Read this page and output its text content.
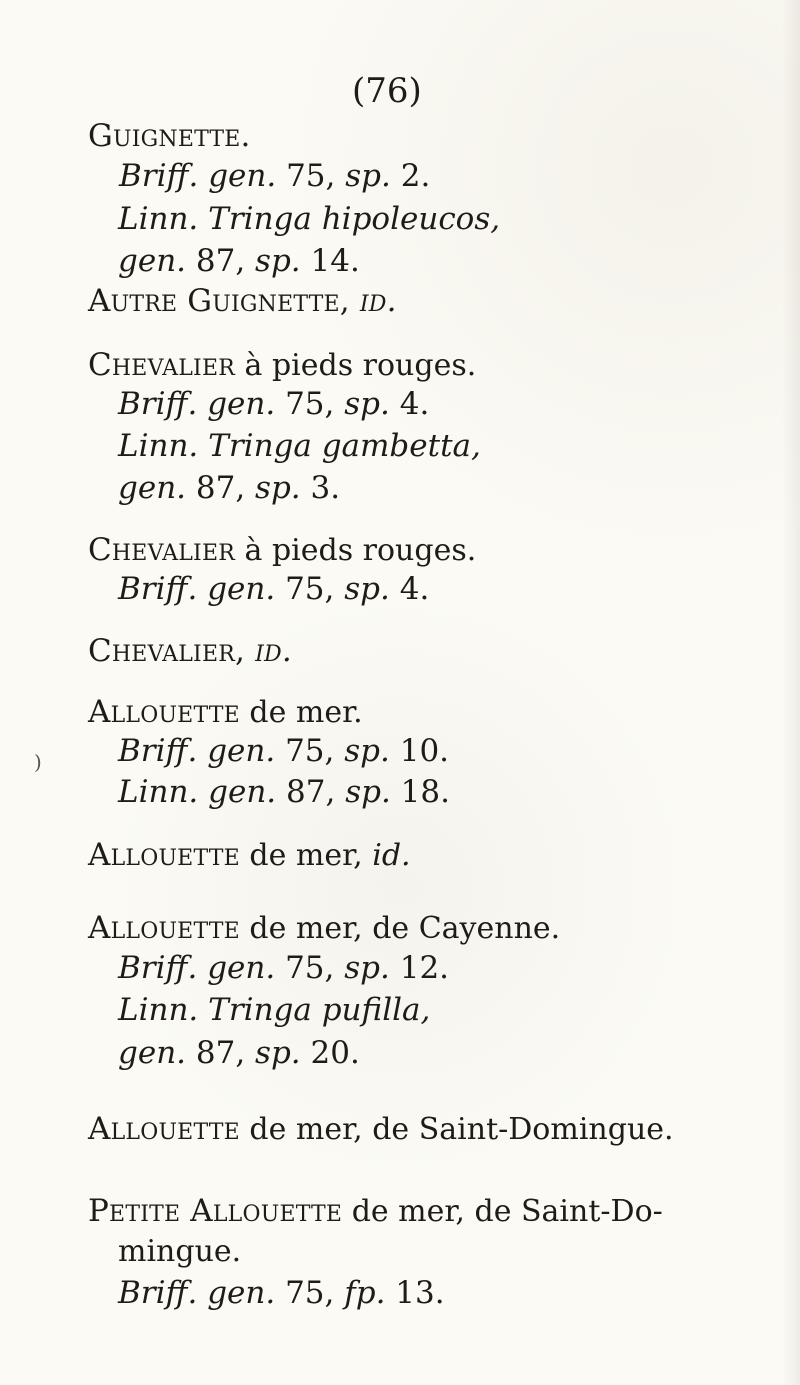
(76)
)
Guignette.
Briff. gen. 75, sp. 2.
Linn. Tringa hipoleucos,
gen. 87, sp. 14.
Autre Guignette, id.
Chevalier à pieds rouges.
Briff. gen. 75, sp. 4.
Linn. Tringa gambetta,
gen. 87, sp. 3.
Chevalier à pieds rouges.
Briff. gen. 75, sp. 4.
Chevalier, id.
Allouette de mer.
Briff. gen. 75, sp. 10.
Linn. gen. 87, sp. 18.
Allouette de mer, id.
Allouette de mer, de Cayenne.
Briff. gen. 75, sp. 12.
Linn. Tringa pufilla,
gen. 87, sp. 20.
Allouette de mer, de Saint-Domingue.
Petite Allouette de mer, de Saint-Do-
mingue.
Briff. gen. 75, fp. 13.
